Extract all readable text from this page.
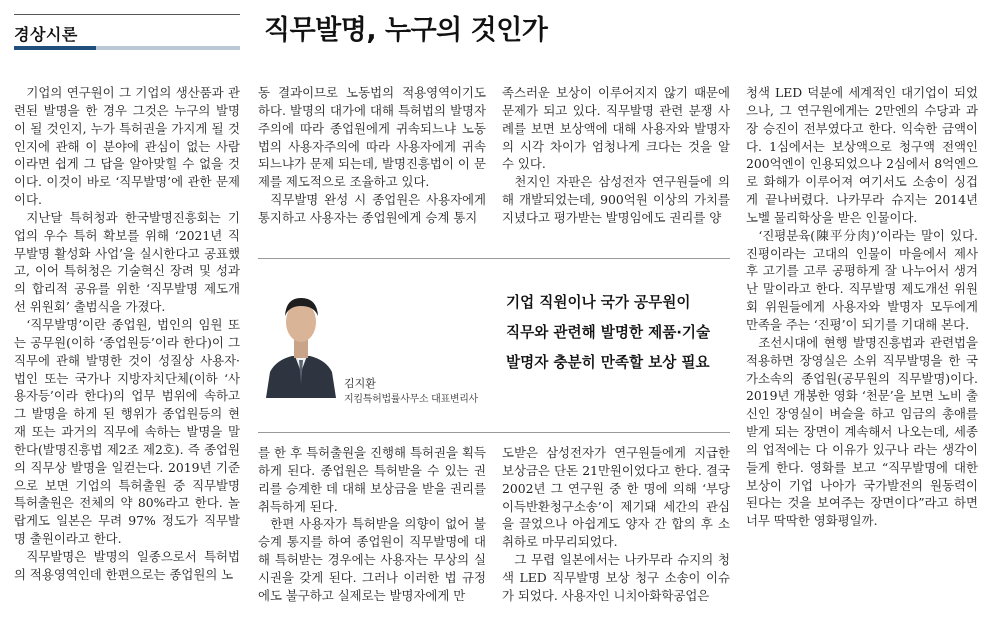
경상시론	직무발명, 누구의 것인가

기업의 연구원이 그 기업의 생산품과 관련된 발명을 한 경우 그것은 누구의 발명이 될 것인지, 누가 특허권을 가지게 될 것인지에 관해 이 분야에 관심이 없는 사람이라면 쉽게 그 답을 알아맞힐 수 없을 것이다. 이것이 바로 ‘직무발명’에 관한 문제이다.

지난달 특허청과 한국발명진흥회는 기업의 우수 특허 확보를 위해 ‘2021년 직무발명 활성화 사업’을 실시한다고 공표했고, 이어 특허청은 기술혁신 장려 및 성과의 합리적 공유를 위한 ‘직무발명 제도개선 위원회’ 출범식을 가졌다.

‘직무발명’이란 종업원, 법인의 임원 또는 공무원(이하 ‘종업원등’이라 한다)이 그 직무에 관해 발명한 것이 성질상 사용자·법인 또는 국가나 지방자치단체(이하 ‘사용자등’이라 한다)의 업무 범위에 속하고 그 발명을 하게 된 행위가 종업원등의 현재 또는 과거의 직무에 속하는 발명을 말한다(발명진흥법 제2조 제2호). 즉 종업원의 직무상 발명을 일컫는다. 2019년 기준으로 보면 기업의 특허출원 중 직무발명 특허출원은 전체의 약 80%라고 한다. 놀랍게도 일본은 무려 97% 정도가 직무발명 출원이라고 한다.

직무발명은 발명의 일종으로서 특허법의 적용영역인데 한편으로는 종업원의 노

동 결과이므로 노동법의 적용영역이기도 하다. 발명의 대가에 대해 특허법의 발명자주의에 따라 종업원에게 귀속되느냐 노동법의 사용자주의에 따라 사용자에게 귀속되느냐가 문제 되는데, 발명진흥법이 이 문제를 제도적으로 조율하고 있다.

직무발명 완성 시 종업원은 사용자에게 통지하고 사용자는 종업원에게 승계 통지

족스러운 보상이 이루어지지 않기 때문에 문제가 되고 있다. 직무발명 관련 분쟁 사례를 보면 보상액에 대해 사용자와 발명자의 시각 차이가 엄청나게 크다는 것을 알 수 있다.

천지인 자판은 삼성전자 연구원들에 의해 개발되었는데, 900억원 이상의 가치를 지녔다고 평가받는 발명임에도 권리를 양

김지환
지킴특허법률사무소 대표변리사
기업 직원이나 국가 공무원이
직무와 관련해 발명한 제품·기술
발명자 충분히 만족할 보상 필요

를 한 후 특허출원을 진행해 특허권을 획득하게 된다. 종업원은 특허받을 수 있는 권리를 승계한 데 대해 보상금을 받을 권리를 취득하게 된다.

한편 사용자가 특허받을 의향이 없어 불승계 통지를 하여 종업원이 직무발명에 대해 특허받는 경우에는 사용자는 무상의 실시권을 갖게 된다. 그러나 이러한 법 규정에도 불구하고 실제로는 발명자에게 만

도받은 삼성전자가 연구원들에게 지급한 보상금은 단돈 21만원이었다고 한다. 결국 2002년 그 연구원 중 한 명에 의해 ‘부당이득반환청구소송’이 제기돼 세간의 관심을 끌었으나 아쉽게도 양자 간 합의 후 소취하로 마무리되었다.

그 무렵 일본에서는 나카무라 슈지의 청색 LED 직무발명 보상 청구 소송이 이슈가 되었다. 사용자인 니치아화학공업은

청색 LED 덕분에 세계적인 대기업이 되었으나, 그 연구원에게는 2만엔의 수당과 과장 승진이 전부였다고 한다. 익숙한 금액이다. 1심에서는 보상액으로 청구액 전액인 200억엔이 인용되었으나 2심에서 8억엔으로 화해가 이루어져 여기서도 소송이 싱겁게 끝나버렸다. 나카무라 슈지는 2014년 노벨 물리학상을 받은 인물이다.

‘진평분육(陳平分肉)’이라는 말이 있다. 진평이라는 고대의 인물이 마을에서 제사 후 고기를 고루 공평하게 잘 나누어서 생겨난 말이라고 한다. 직무발명 제도개선 위원회 위원들에게 사용자와 발명자 모두에게 만족을 주는 ‘진평’이 되기를 기대해 본다.

조선시대에 현행 발명진흥법과 관련법을 적용하면 장영실은 소위 직무발명을 한 국가소속의 종업원(공무원의 직무발명)이다. 2019년 개봉한 영화 ‘천문’을 보면 노비 출신인 장영실이 벼슬을 하고 임금의 총애를 받게 되는 장면이 계속해서 나오는데, 세종의 업적에는 다 이유가 있구나 라는 생각이 들게 한다. 영화를 보고 “직무발명에 대한 보상이 기업 나아가 국가발전의 원동력이 된다는 것을 보여주는 장면이다”라고 하면 너무 딱딱한 영화평일까.
